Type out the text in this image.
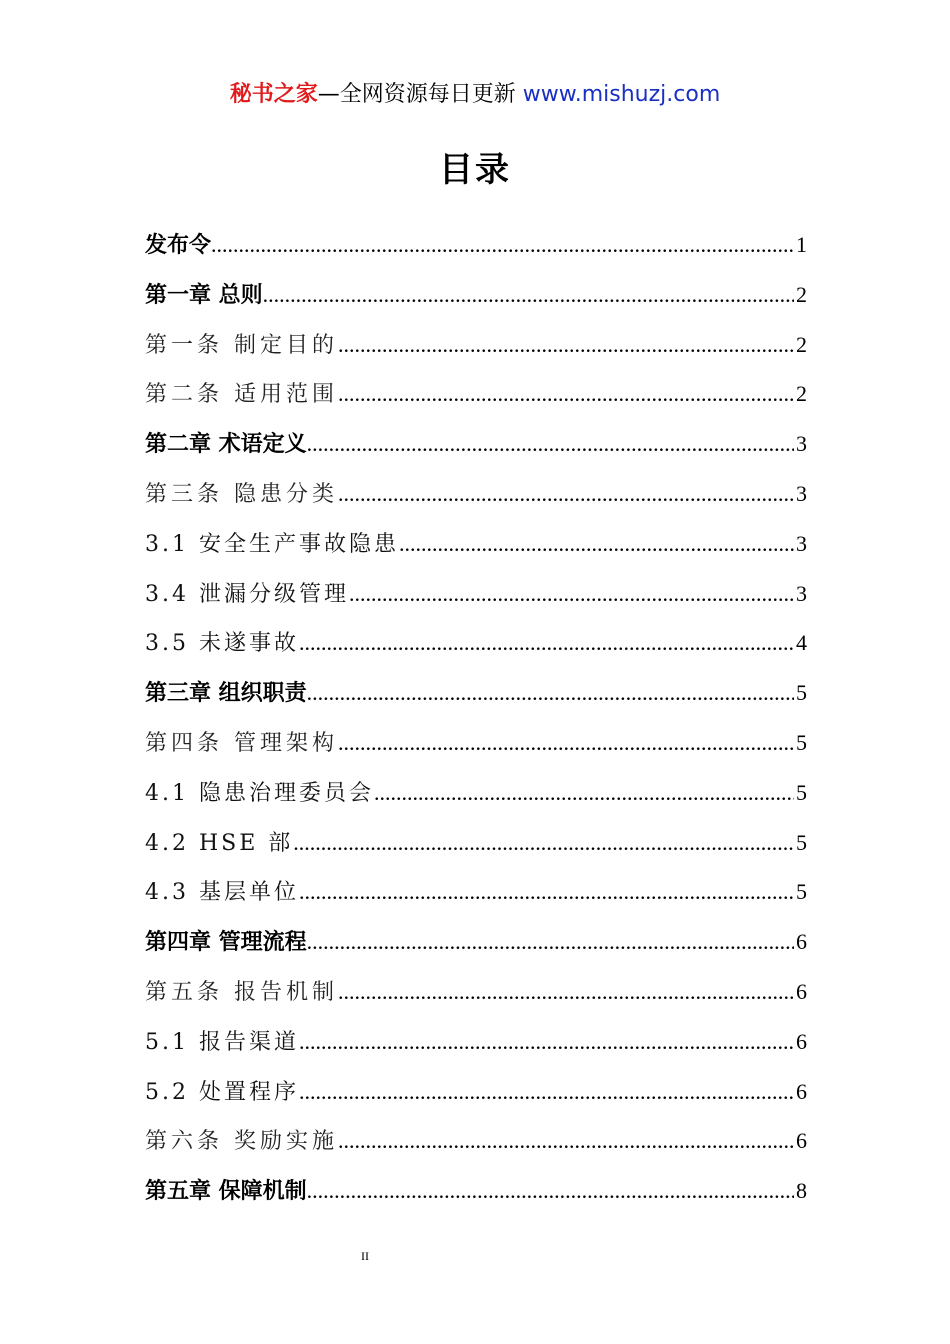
秘书之家—全网资源每日更新 www.mishuzj.com
目录
发布令 .....	1
第一章 总则 .....	2
第一条 制定目的 .....	2
第二条 适用范围 .....	2
第二章 术语定义 .....	3
第三条 隐患分类 .....	3
3.1 安全生产事故隐患 .....	3
3.4 泄漏分级管理 .....	3
3.5 未遂事故 .....	4
第三章 组织职责 .....	5
第四条 管理架构 .....	5
4.1 隐患治理委员会 .....	5
4.2 HSE 部 .....	5
4.3 基层单位 .....	5
第四章 管理流程 .....	6
第五条 报告机制 .....	6
5.1 报告渠道 .....	6
5.2 处置程序 .....	6
第六条 奖励实施 .....	6
第五章 保障机制 .....	8
II
